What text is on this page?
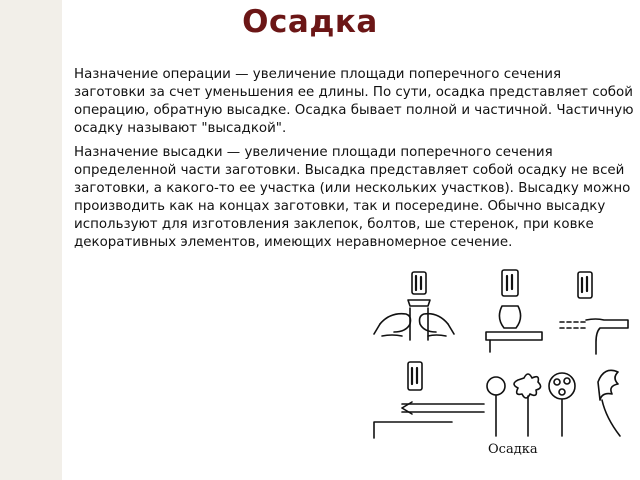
Осадка

Назначение операции — увеличение площади поперечного сечения заготовки за счет уменьшения ее длины. По сути, осадка представляет собой операцию, обратную высадке. Осадка бывает полной и частичной. Частичную осадку называют "высадкой".

Назначение высадки — увеличение площади поперечного сечения определенной части заготовки. Высадка представляет собой осадку не всей заготовки, а какого-то ее участка (или нескольких участков). Высадку можно производить как на концах заготовки, так и посередине. Обычно высадку используют для изготовления заклепок, болтов, ше стеренок, при ковке декоративных элементов, имеющих неравномерное сечение.

Осадка
